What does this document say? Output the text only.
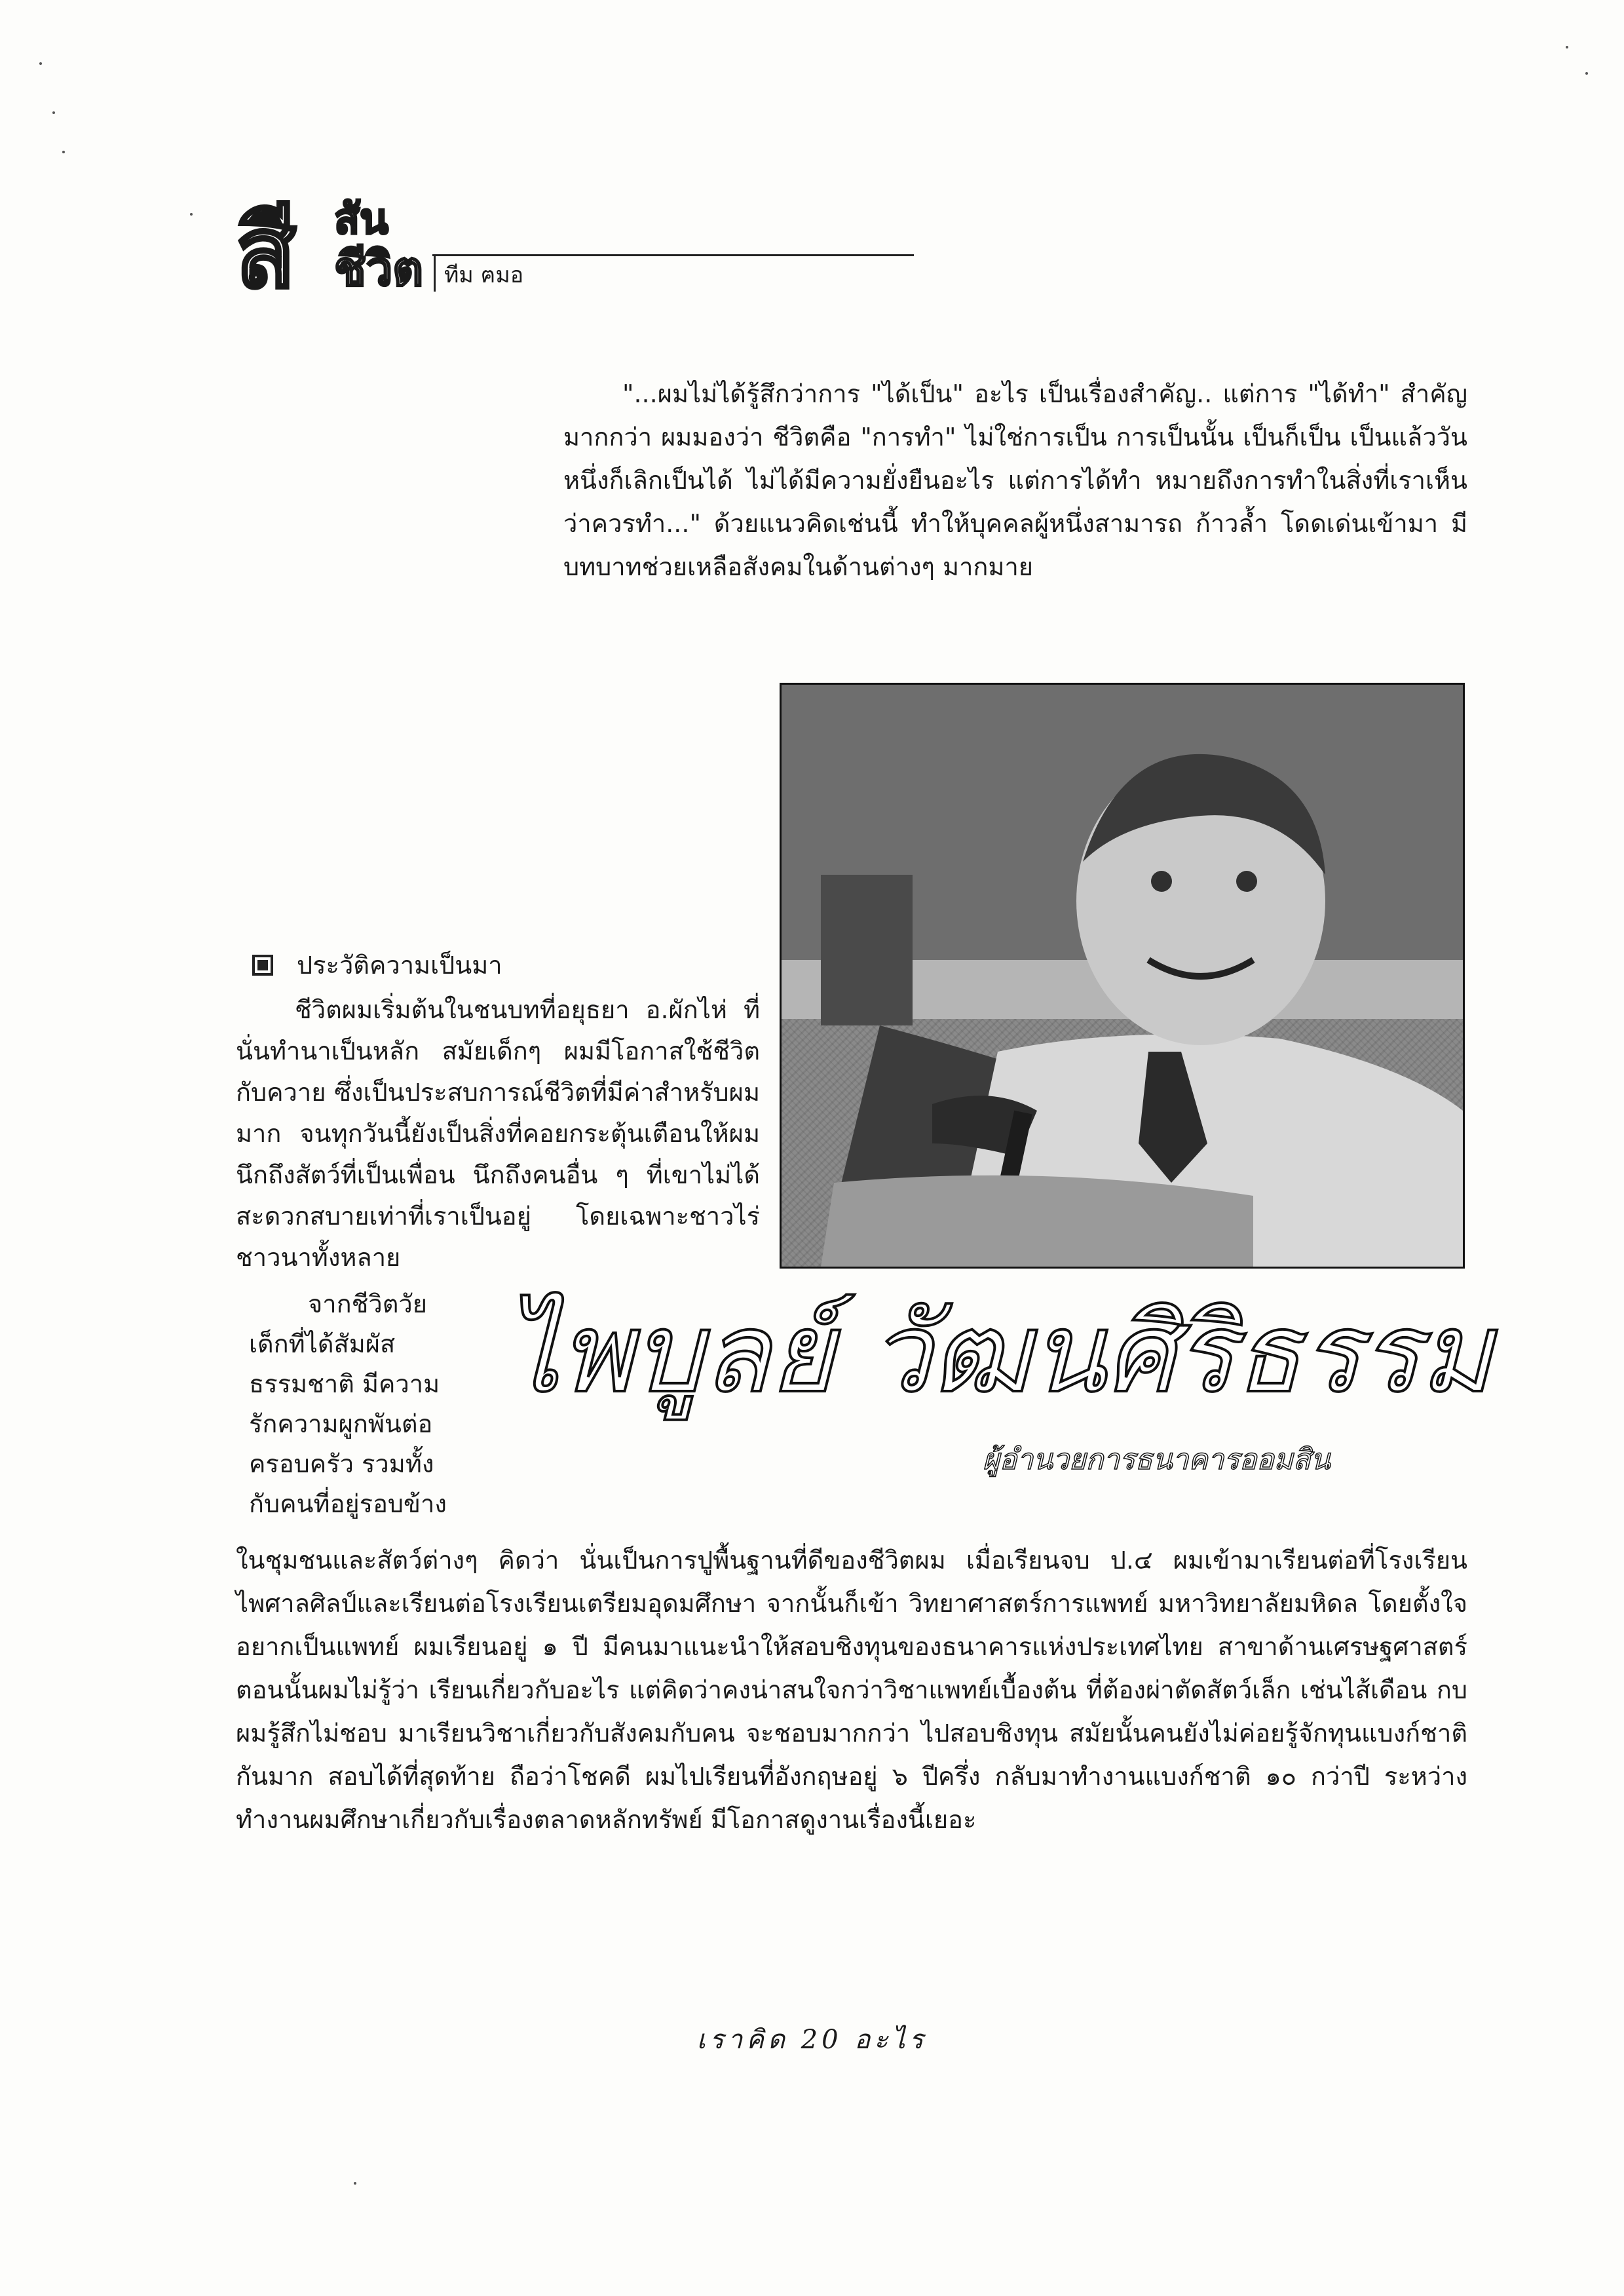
สี สัน
ชีวิต ทีม ฅมอ

"...ผมไม่ได้รู้สึกว่าการ "ได้เป็น" อะไร เป็นเรื่องสำคัญ.. แต่การ "ได้ทำ" สำคัญมากกว่า ผมมองว่า ชีวิตคือ "การทำ" ไม่ใช่การเป็น การเป็นนั้น เป็นก็เป็น เป็นแล้ววันหนึ่งก็เลิกเป็นได้ ไม่ได้มีความยั่งยืนอะไร แต่การได้ทำ หมายถึงการทำในสิ่งที่เราเห็นว่าควรทำ..." ด้วยแนวคิดเช่นนี้ ทำให้บุคคลผู้หนึ่งสามารถ ก้าวล้ำ โดดเด่นเข้ามา มีบทบาทช่วยเหลือสังคมในด้านต่างๆ มากมาย

ประวัติความเป็นมา

ชีวิตผมเริ่มต้นในชนบทที่อยุธยา อ.ผักไห่ ที่นั่นทำนาเป็นหลัก สมัยเด็กๆ ผมมีโอกาสใช้ชีวิตกับควาย ซึ่งเป็นประสบการณ์ชีวิตที่มีค่าสำหรับผมมาก จนทุกวันนี้ยังเป็นสิ่งที่คอยกระตุ้นเตือนให้ผมนึกถึงสัตว์ที่เป็นเพื่อน นึกถึงคนอื่น ๆ ที่เขาไม่ได้สะดวกสบายเท่าที่เราเป็นอยู่ โดยเฉพาะชาวไร่ชาวนาทั้งหลาย

จากชีวิตวัยเด็กที่ได้สัมผัสธรรมชาติ มีความรักความผูกพันต่อครอบครัว รวมทั้งกับคนที่อยู่รอบข้าง

ไพบูลย์ วัฒนศิริธรรม
ผู้อำนวยการธนาคารออมสิน

ในชุมชนและสัตว์ต่างๆ คิดว่า นั่นเป็นการปูพื้นฐานที่ดีของชีวิตผม เมื่อเรียนจบ ป.๔ ผมเข้ามาเรียนต่อที่โรงเรียนไพศาลศิลป์และเรียนต่อโรงเรียนเตรียมอุดมศึกษา จากนั้นก็เข้า วิทยาศาสตร์การแพทย์ มหาวิทยาลัยมหิดล โดยตั้งใจอยากเป็นแพทย์ ผมเรียนอยู่ ๑ ปี มีคนมาแนะนำให้สอบชิงทุนของธนาคารแห่งประเทศไทย สาขาด้านเศรษฐศาสตร์ ตอนนั้นผมไม่รู้ว่า เรียนเกี่ยวกับอะไร แต่คิดว่าคงน่าสนใจกว่าวิชาแพทย์เบื้องต้น ที่ต้องผ่าตัดสัตว์เล็ก เช่นไส้เดือน กบ ผมรู้สึกไม่ชอบ มาเรียนวิชาเกี่ยวกับสังคมกับคน จะชอบมากกว่า ไปสอบชิงทุน สมัยนั้นคนยังไม่ค่อยรู้จักทุนแบงก์ชาติกันมาก สอบได้ที่สุดท้าย ถือว่าโชคดี ผมไปเรียนที่อังกฤษอยู่ ๖ ปีครึ่ง กลับมาทำงานแบงก์ชาติ ๑๐ กว่าปี ระหว่างทำงานผมศึกษาเกี่ยวกับเรื่องตลาดหลักทรัพย์ มีโอกาสดูงานเรื่องนี้เยอะ

เราคิด 20 อะไร
